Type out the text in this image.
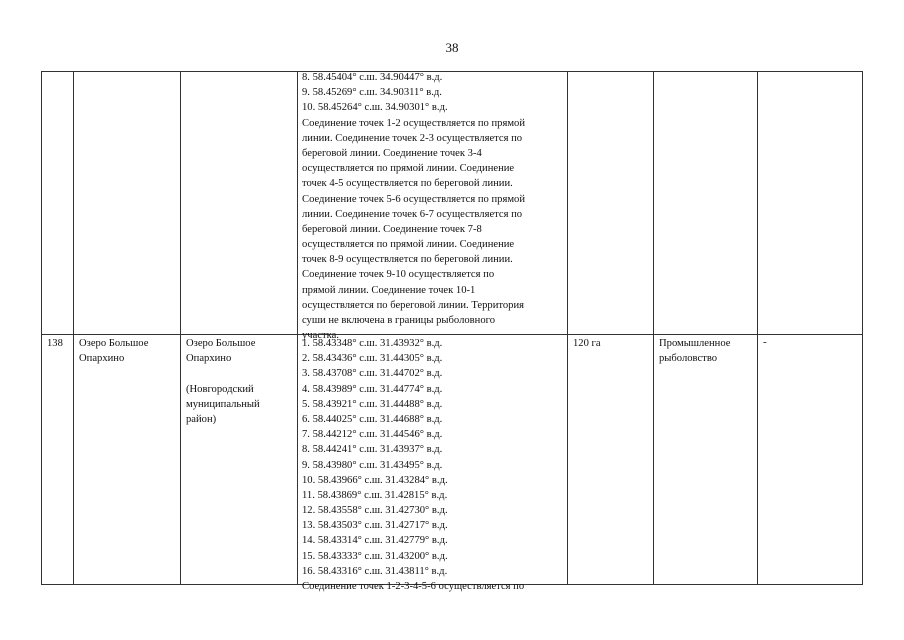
38
8. 58.45404° с.ш. 34.90447° в.д.
9. 58.45269° с.ш. 34.90311° в.д.
10. 58.45264° с.ш. 34.90301° в.д.
Соединение точек 1-2 осуществляется по прямой
линии. Соединение точек 2-3 осуществляется по
береговой линии. Соединение точек 3-4
осуществляется по прямой линии. Соединение
точек 4-5 осуществляется по береговой линии.
Соединение точек 5-6 осуществляется по прямой
линии. Соединение точек 6-7 осуществляется по
береговой линии. Соединение точек 7-8
осуществляется по прямой линии. Соединение
точек 8-9 осуществляется по береговой линии.
Соединение точек 9-10 осуществляется по
прямой линии. Соединение точек 10-1
осуществляется по береговой линии. Территория
суши не включена в границы рыболовного
участка.
138 Озеро Большое
Опархино
Озеро Большое
Опархино
(Новгородский
муниципальный
район)
1. 58.43348° с.ш. 31.43932° в.д.
2. 58.43436° с.ш. 31.44305° в.д.
3. 58.43708° с.ш. 31.44702° в.д.
4. 58.43989° с.ш. 31.44774° в.д.
5. 58.43921° с.ш. 31.44488° в.д.
6. 58.44025° с.ш. 31.44688° в.д.
7. 58.44212° с.ш. 31.44546° в.д.
8. 58.44241° с.ш. 31.43937° в.д.
9. 58.43980° с.ш. 31.43495° в.д.
10. 58.43966° с.ш. 31.43284° в.д.
11. 58.43869° с.ш. 31.42815° в.д.
12. 58.43558° с.ш. 31.42730° в.д.
13. 58.43503° с.ш. 31.42717° в.д.
14. 58.43314° с.ш. 31.42779° в.д.
15. 58.43333° с.ш. 31.43200° в.д.
16. 58.43316° с.ш. 31.43811° в.д.
Соединение точек 1-2-3-4-5-6 осуществляется по
120 га	Промышленное
рыболовство
-
